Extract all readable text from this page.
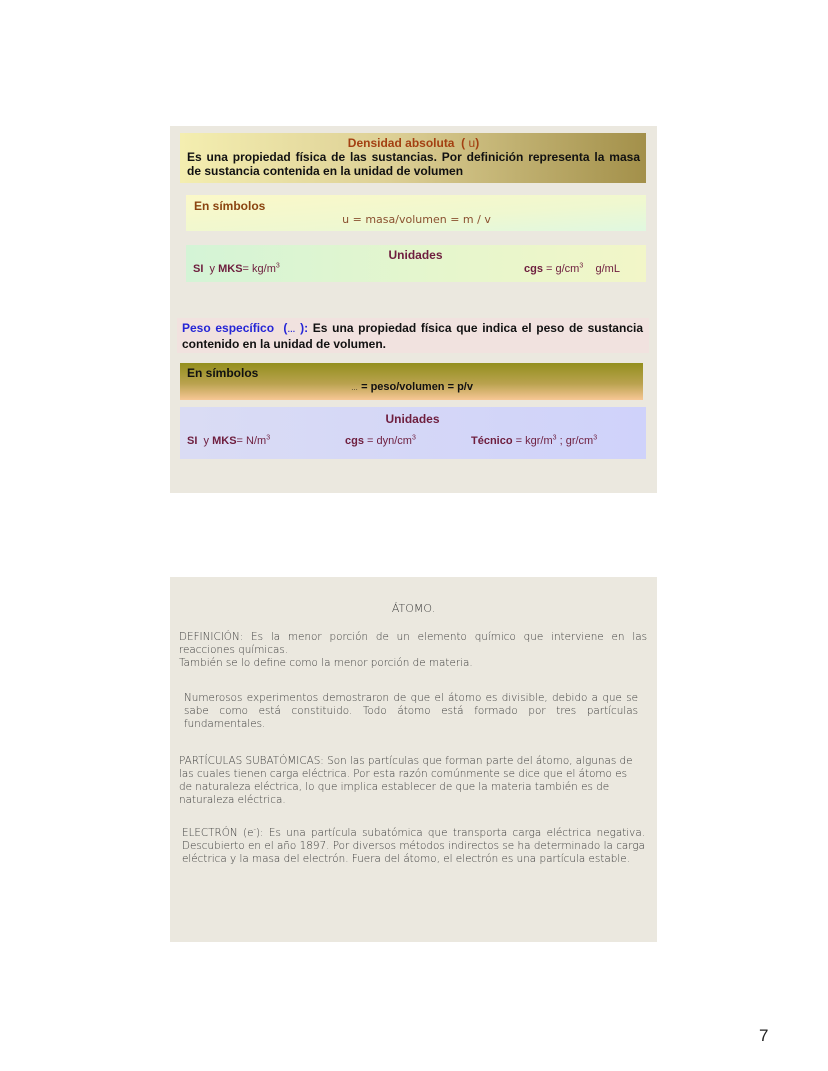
Densidad absoluta ( u)
Es una propiedad física de las sustancias. Por definición representa la masa de sustancia contenida en la unidad de volumen
En símbolos
u = masa/volumen = m / v
Unidades
SI y $MKS= kg/m^3$	cgs = $g/cm^3$ g/mL
Peso específico (… ): Es una propiedad física que indica el peso de sustancia contenido en la unidad de volumen.
En símbolos
… = peso/volumen = p/v
Unidades
SI y $MKS= N/m^3$	cgs = dyn/$cm^3$	Técnico = kgr/$m^3$ ; $gr/cm^3$
ÁTOMO.
DEFINICIÓN: Es la menor porción de un elemento químico que interviene en las reacciones químicas.
También se lo define como la menor porción de materia.
Numerosos experimentos demostraron de que el átomo es divisible, debido a que se sabe como está constituido. Todo átomo está formado por tres partículas fundamentales.
PARTÍCULAS SUBATÓMICAS: Son las partículas que forman parte del átomo, algunas de las cuales tienen carga eléctrica. Por esta razón comúnmente se dice que el átomo es de naturaleza eléctrica, lo que implica establecer de que la materia también es de naturaleza eléctrica.
ELECTRÓN (e-): Es una partícula subatómica que transporta carga eléctrica negativa. Descubierto en el año 1897. Por diversos métodos indirectos se ha determinado la carga eléctrica y la masa del electrón. Fuera del átomo, el electrón es una partícula estable.
7
